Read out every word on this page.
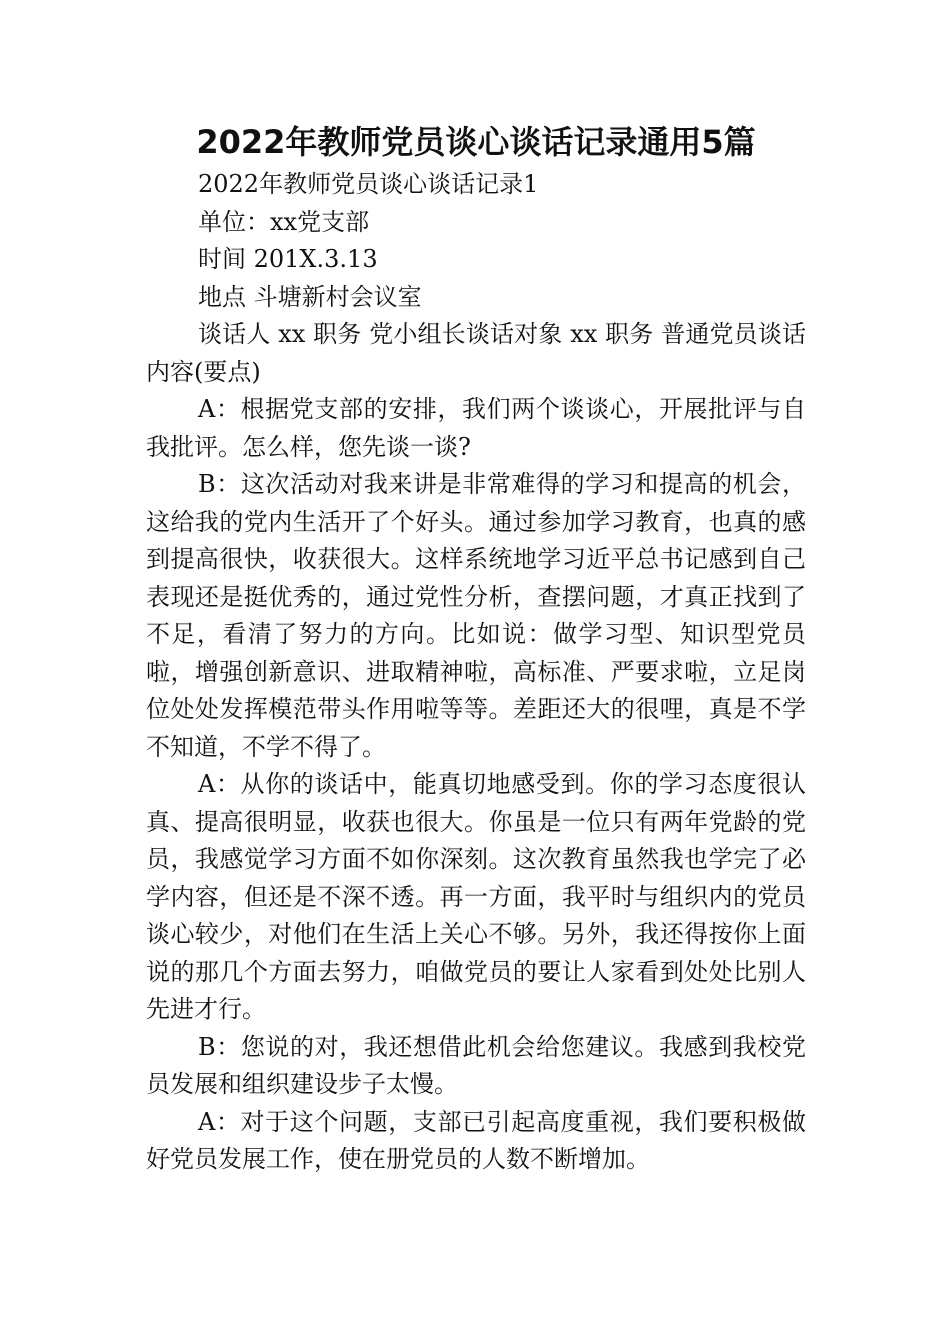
2022年教师党员谈心谈话记录通用5篇
2022年教师党员谈心谈话记录1
单位：xx党支部
时间 201X.3.13
地点 斗塘新村会议室

谈话人 xx 职务 党小组长谈话对象 xx 职务 普通党员谈话内容(要点)

A：根据党支部的安排，我们两个谈谈心，开展批评与自我批评。怎么样，您先谈一谈?

B：这次活动对我来讲是非常难得的学习和提高的机会，这给我的党内生活开了个好头。通过参加学习教育，也真的感到提高很快，收获很大。这样系统地学习近平总书记感到自己表现还是挺优秀的，通过党性分析，查摆问题，才真正找到了不足，看清了努力的方向。比如说：做学习型、知识型党员啦，增强创新意识、进取精神啦，高标准、严要求啦，立足岗位处处发挥模范带头作用啦等等。差距还大的很哩，真是不学不知道，不学不得了。

A：从你的谈话中，能真切地感受到。你的学习态度很认真、提高很明显，收获也很大。你虽是一位只有两年党龄的党员，我感觉学习方面不如你深刻。这次教育虽然我也学完了必学内容，但还是不深不透。再一方面，我平时与组织内的党员谈心较少，对他们在生活上关心不够。另外，我还得按你上面说的那几个方面去努力，咱做党员的要让人家看到处处比别人先进才行。

B：您说的对，我还想借此机会给您建议。我感到我校党员发展和组织建设步子太慢。

A：对于这个问题，支部已引起高度重视，我们要积极做好党员发展工作，使在册党员的人数不断增加。
